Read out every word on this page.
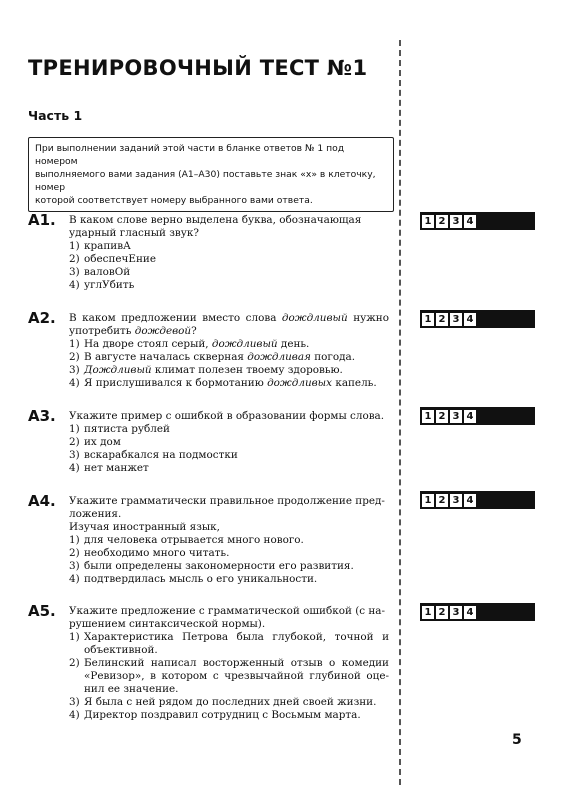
ТРЕНИРОВОЧНЫЙ ТЕСТ №1
Часть 1
При выполнении заданий этой части в бланке ответов № 1 под номером
выполняемого вами задания (А1–А30) поставьте знак «x» в клеточку, номер
которой соответствует номеру выбранного вами ответа.
A1. В каком слове верно выделена буква, обозначающая
ударный гласный звук?
1) крапивА
2) обеспечЕние
3) валовОй
4) углУбить
1 2 3 4
A2. В каком предложении вместо слова дождливый нужно употребить дождевой?
1) На дворе стоял серый, дождливый день.
2) В августе началась скверная дождливая погода.
3) Дождливый климат полезен твоему здоровью.
4) Я прислушивался к бормотанию дождливых капель.
1 2 3 4
A3. Укажите пример с ошибкой в образовании формы слова.
1) пятиста рублей
2) их дом
3) вскарабкался на подмостки
4) нет манжет
1 2 3 4
A4. Укажите грамматически правильное продолжение пред-
ложения.
Изучая иностранный язык,
1) для человека отрывается много нового.
2) необходимо много читать.
3) были определены закономерности его развития.
4) подтвердилась мысль о его уникальности.
1 2 3 4
A5. Укажите предложение с грамматической ошибкой (с на-
рушением синтаксической нормы).
1) Характеристика Петрова была глубокой, точной и объективной.
2) Белинский написал восторженный отзыв о комедии «Ревизор», в котором с чрезвычайной глубиной оце-нил ее значение.
3) Я была с ней рядом до последних дней своей жизни.
4) Директор поздравил сотрудниц с Восьмым марта.
1 2 3 4
5
